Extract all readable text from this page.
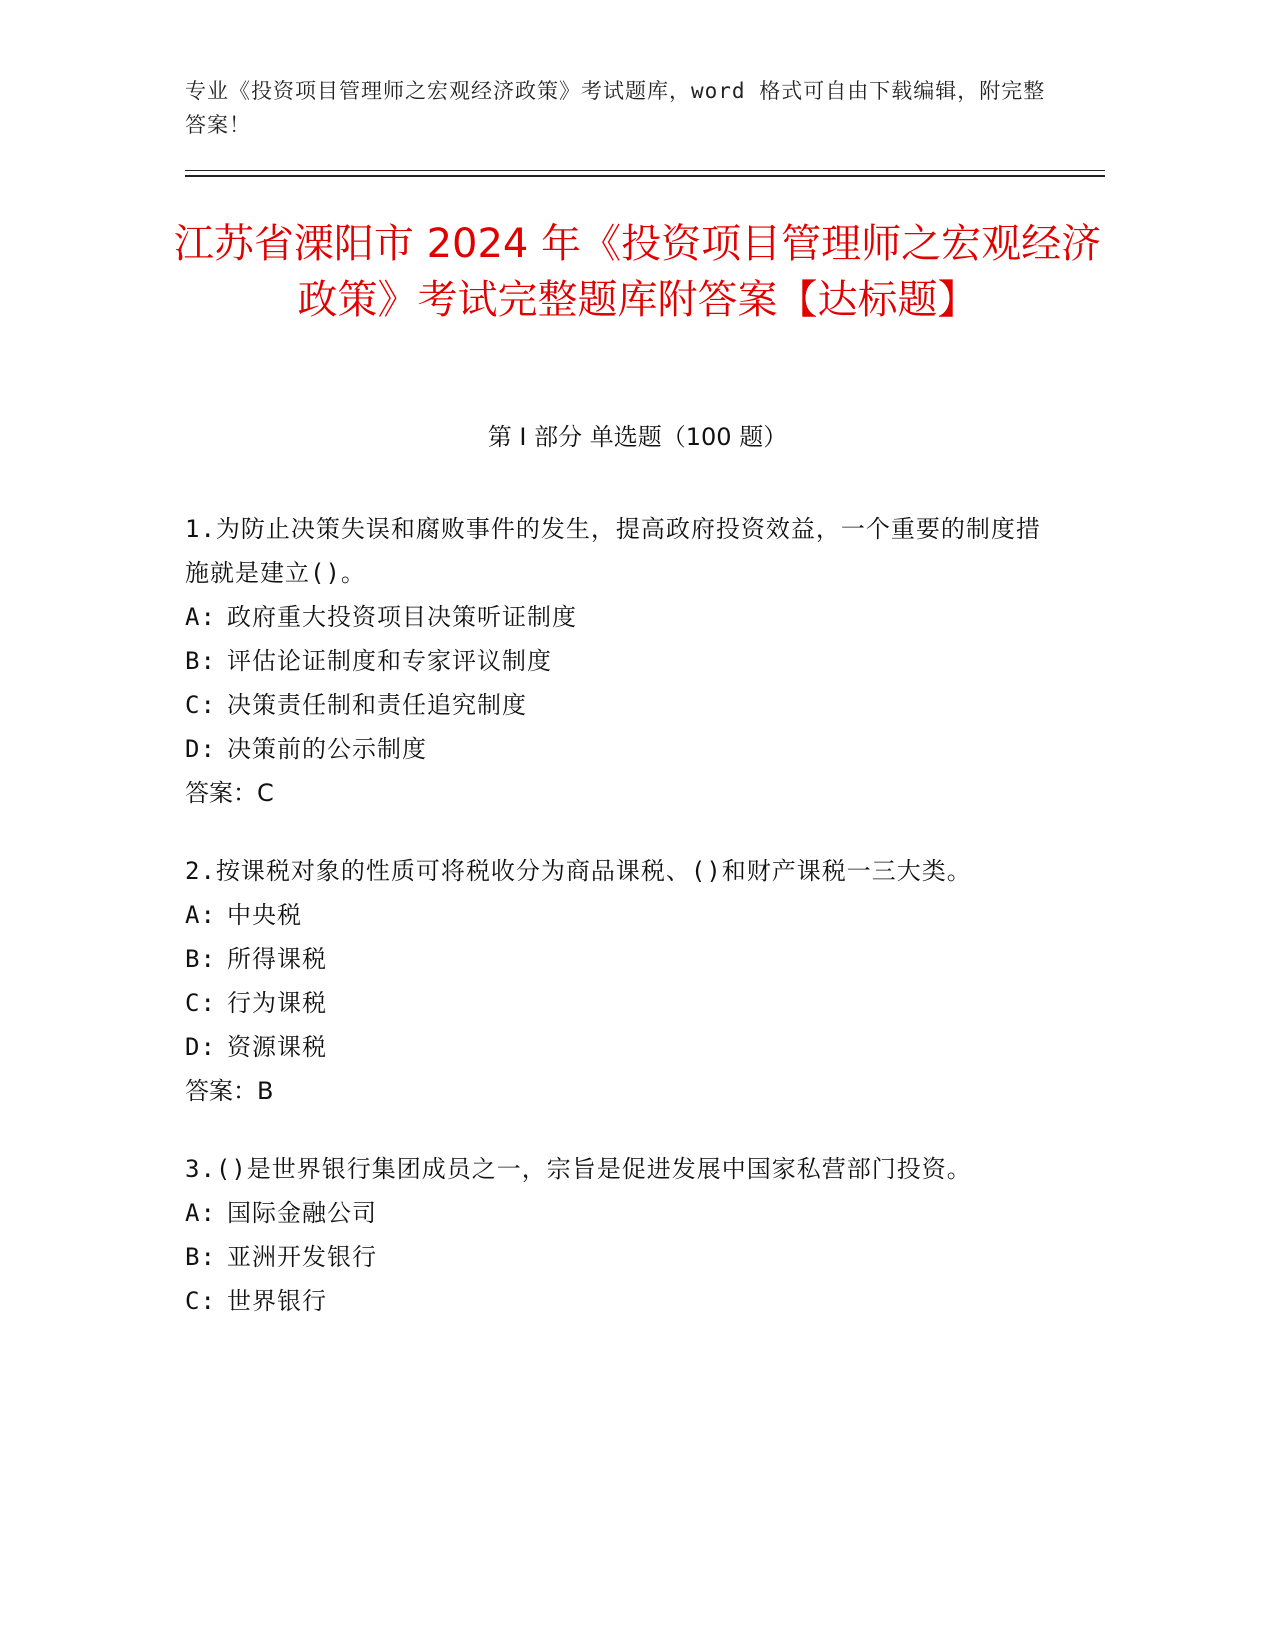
专业《投资项目管理师之宏观经济政策》考试题库，word 格式可自由下载编辑，附完整答案！
江苏省溧阳市 2024 年《投资项目管理师之宏观经济政策》考试完整题库附答案【达标题】
第 I 部分 单选题（100 题）
1.为防止决策失误和腐败事件的发生，提高政府投资效益，一个重要的制度措施就是建立()。
A: 政府重大投资项目决策听证制度
B: 评估论证制度和专家评议制度
C: 决策责任制和责任追究制度
D: 决策前的公示制度
答案：C
2.按课税对象的性质可将税收分为商品课税、()和财产课税一三大类。
A: 中央税
B: 所得课税
C: 行为课税
D: 资源课税
答案：B
3.()是世界银行集团成员之一，宗旨是促进发展中国家私营部门投资。
A: 国际金融公司
B: 亚洲开发银行
C: 世界银行
